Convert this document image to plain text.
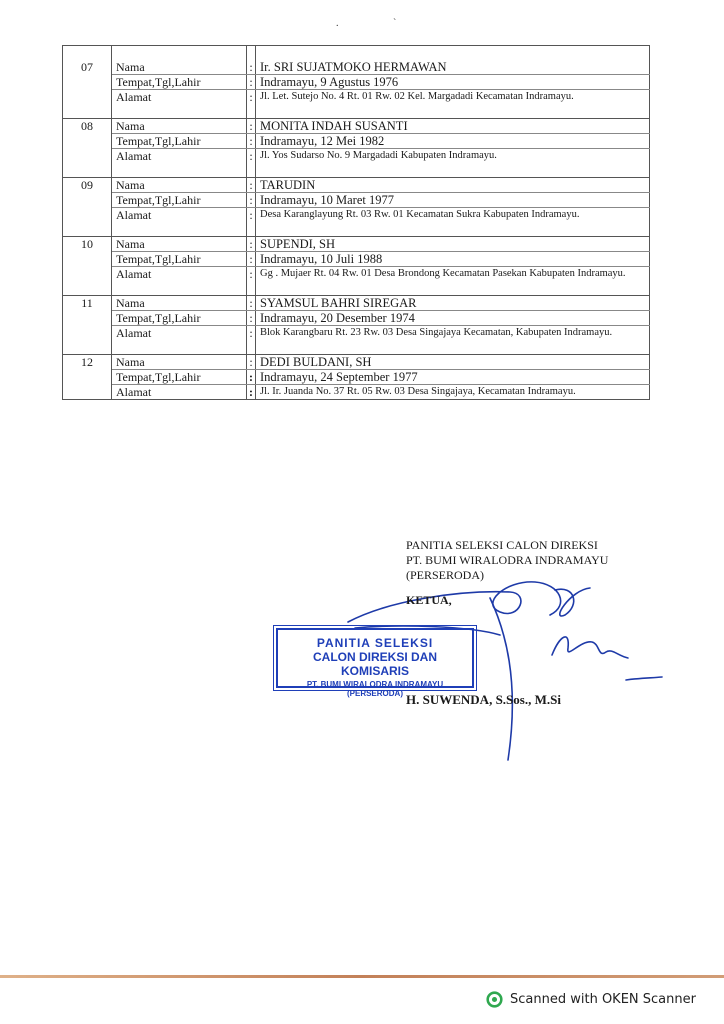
. `

07	Nama	:	Ir. SRI SUJATMOKO HERMAWAN
	Tempat,Tgl,Lahir	:	Indramayu, 9 Agustus 1976
	Alamat	:	Jl. Let. Sutejo No. 4 Rt. 01 Rw. 02 Kel. Margadadi Kecamatan Indramayu.

08	Nama	:	MONITA INDAH SUSANTI
	Tempat,Tgl,Lahir	:	Indramayu, 12 Mei 1982
	Alamat	:	Jl. Yos Sudarso No. 9 Margadadi Kabupaten Indramayu.

09	Nama	:	TARUDIN
	Tempat,Tgl,Lahir	:	Indramayu, 10 Maret 1977
	Alamat	:	Desa Karanglayung Rt. 03 Rw. 01 Kecamatan Sukra Kabupaten Indramayu.

10	Nama	:	SUPENDI, SH
	Tempat,Tgl,Lahir	:	Indramayu, 10 Juli 1988
	Alamat	:	Gg . Mujaer Rt. 04 Rw. 01 Desa Brondong Kecamatan Pasekan Kabupaten Indramayu.

11	Nama	:	SYAMSUL BAHRI SIREGAR
	Tempat,Tgl,Lahir	:	Indramayu, 20 Desember 1974
	Alamat	:	Blok Karangbaru Rt. 23 Rw. 03 Desa Singajaya Kecamatan, Kabupaten Indramayu.

12	Nama	:	DEDI BULDANI, SH
	Tempat,Tgl,Lahir	:	Indramayu, 24 September 1977
	Alamat	:	Jl. Ir. Juanda No. 37 Rt. 05 Rw. 03 Desa Singajaya, Kecamatan Indramayu.
PANITIA SELEKSI
CALON DIREKSI DAN KOMISARIS
PT. BUMI WIRALODRA INDRAMAYU (PERSERODA)
PANITIA SELEKSI CALON DIREKSI
PT. BUMI WIRALODRA INDRAMAYU
(PERSERODA)
KETUA,
H. SUWENDA, S.Sos., M.Si
Scanned with OKEN Scanner
